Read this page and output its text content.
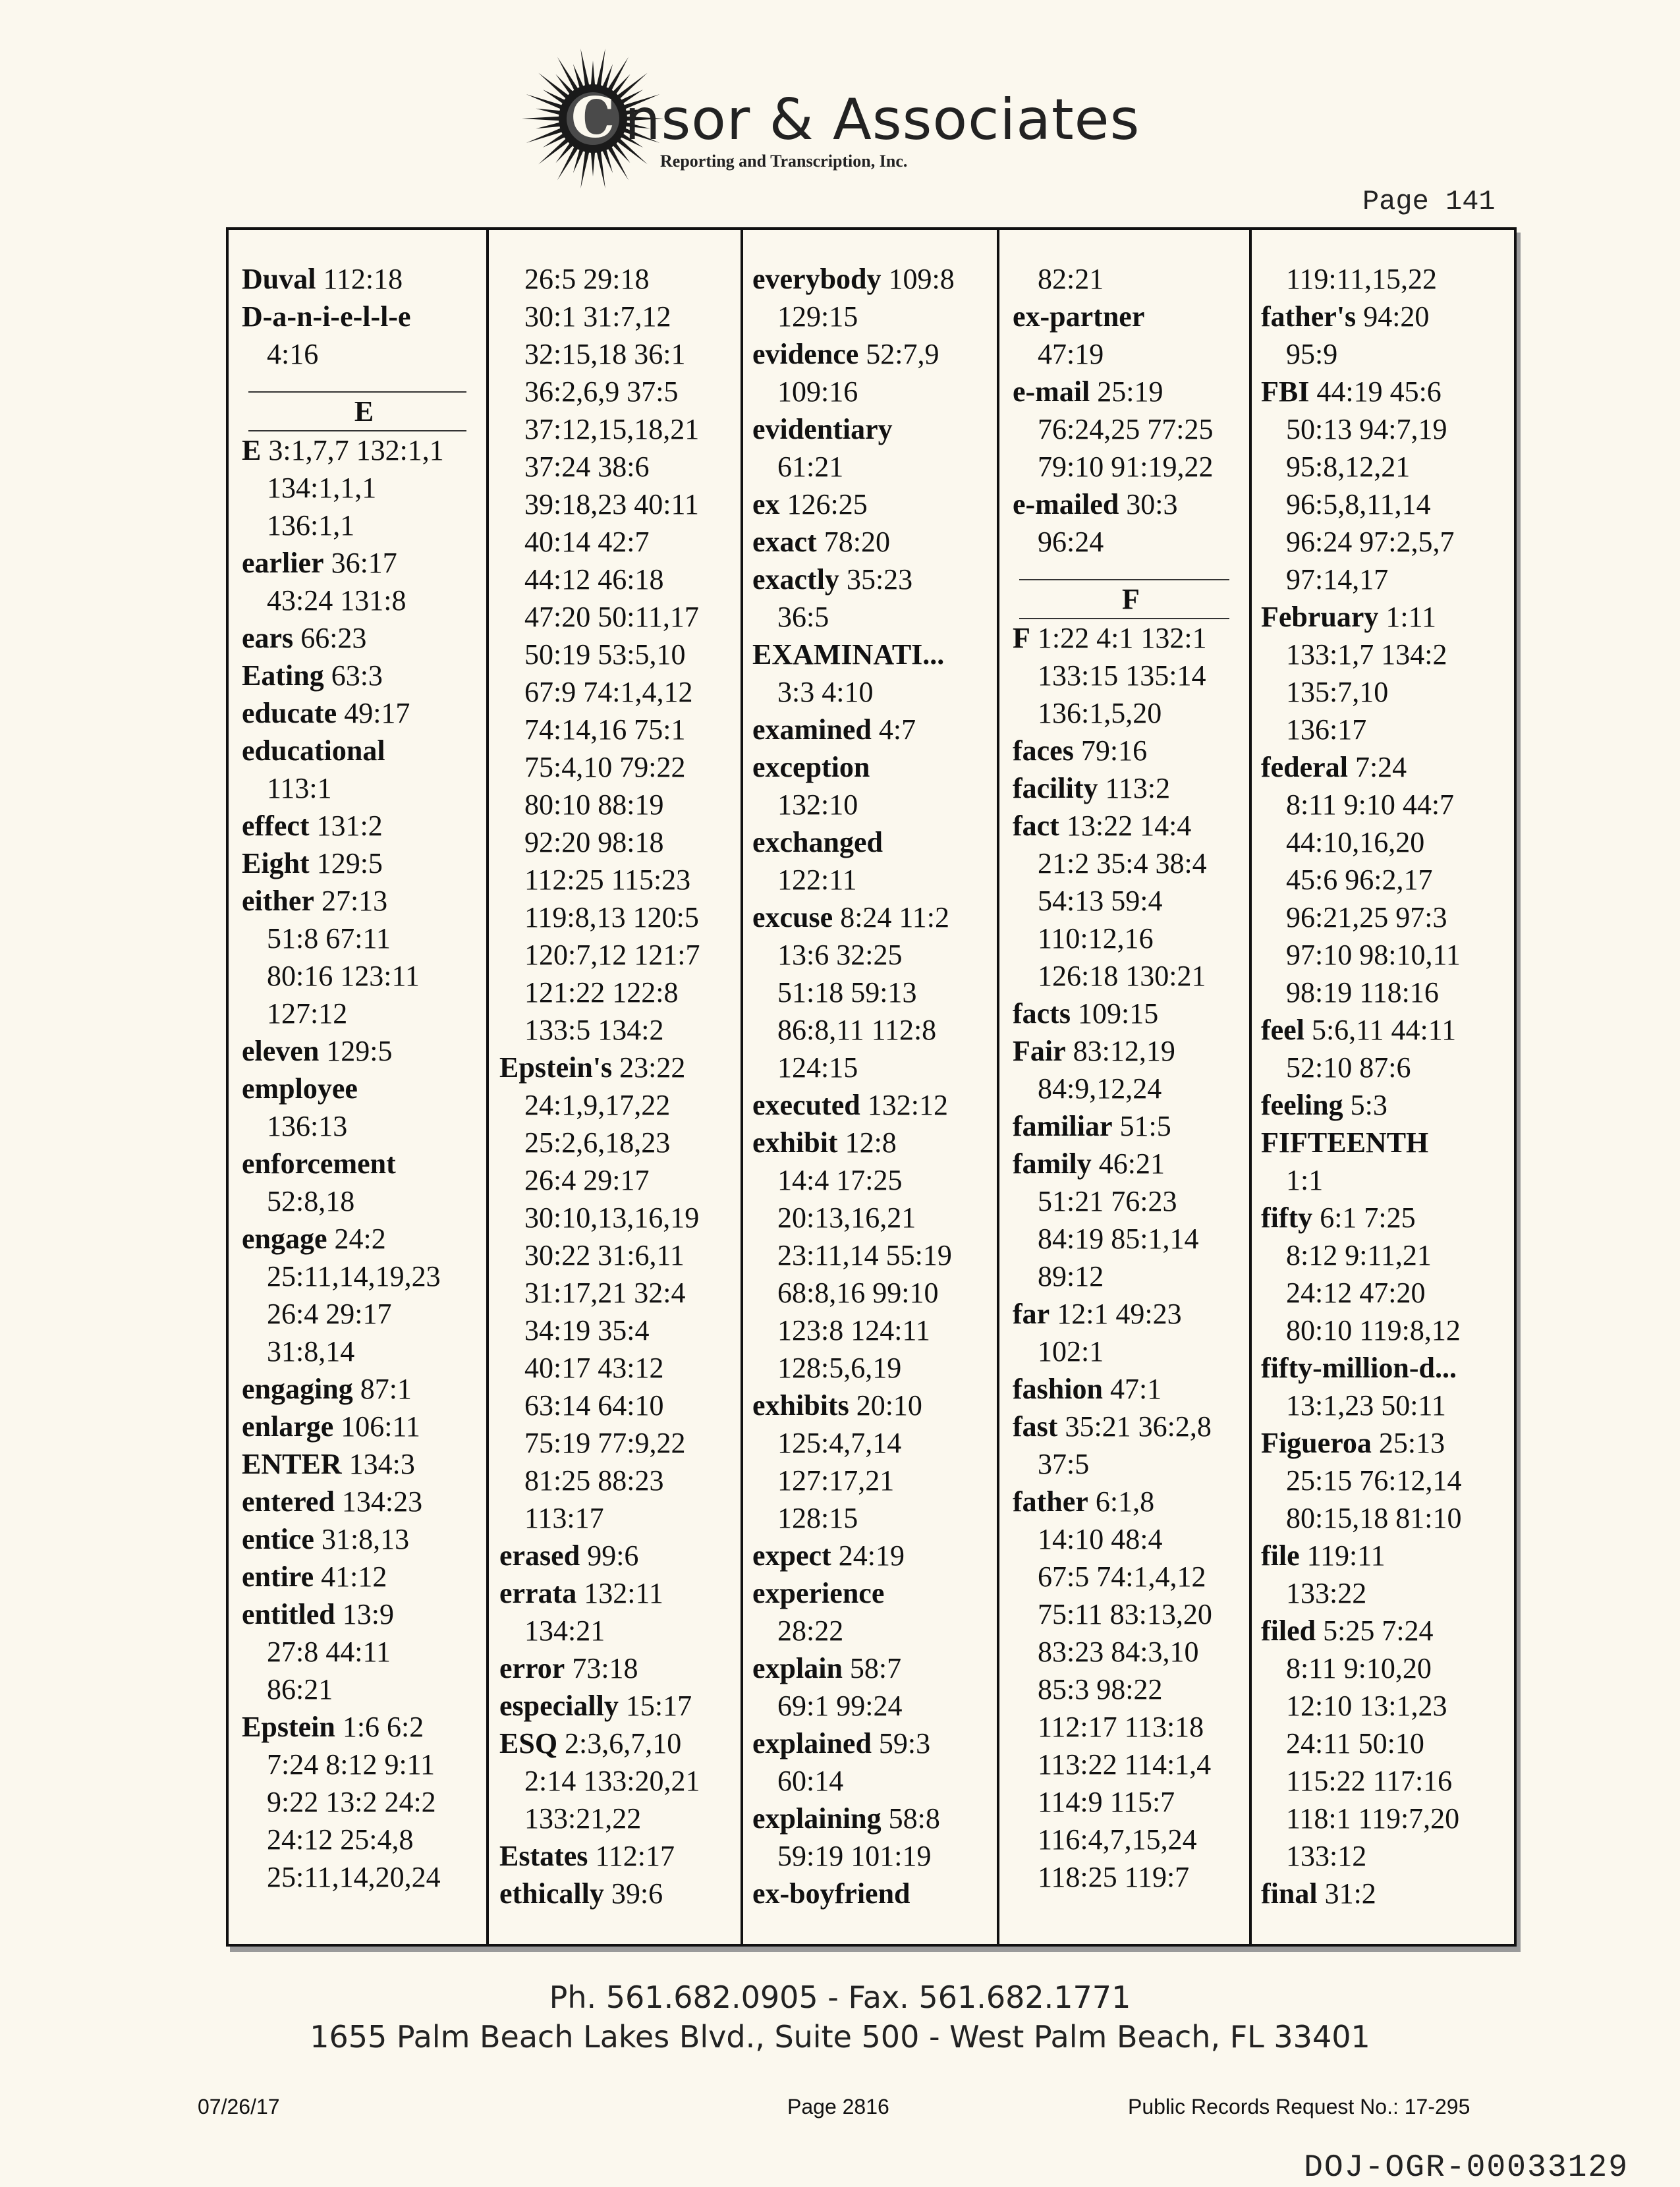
C nsor & Associates
Reporting and Transcription, Inc.
Page 141
Duval 112:18
D-a-n-i-e-l-l-e
4:16
E
E 3:1,7,7 132:1,1
134:1,1,1
136:1,1
earlier 36:17
43:24 131:8
ears 66:23
Eating 63:3
educate 49:17
educational
113:1
effect 131:2
Eight 129:5
either 27:13
51:8 67:11
80:16 123:11
127:12
eleven 129:5
employee
136:13
enforcement
52:8,18
engage 24:2
25:11,14,19,23
26:4 29:17
31:8,14
engaging 87:1
enlarge 106:11
ENTER 134:3
entered 134:23
entice 31:8,13
entire 41:12
entitled 13:9
27:8 44:11
86:21
Epstein 1:6 6:2
7:24 8:12 9:11
9:22 13:2 24:2
24:12 25:4,8
25:11,14,20,24
26:5 29:18
30:1 31:7,12
32:15,18 36:1
36:2,6,9 37:5
37:12,15,18,21
37:24 38:6
39:18,23 40:11
40:14 42:7
44:12 46:18
47:20 50:11,17
50:19 53:5,10
67:9 74:1,4,12
74:14,16 75:1
75:4,10 79:22
80:10 88:19
92:20 98:18
112:25 115:23
119:8,13 120:5
120:7,12 121:7
121:22 122:8
133:5 134:2
Epstein's 23:22
24:1,9,17,22
25:2,6,18,23
26:4 29:17
30:10,13,16,19
30:22 31:6,11
31:17,21 32:4
34:19 35:4
40:17 43:12
63:14 64:10
75:19 77:9,22
81:25 88:23
113:17
erased 99:6
errata 132:11
134:21
error 73:18
especially 15:17
ESQ 2:3,6,7,10
2:14 133:20,21
133:21,22
Estates 112:17
ethically 39:6
everybody 109:8
129:15
evidence 52:7,9
109:16
evidentiary
61:21
ex 126:25
exact 78:20
exactly 35:23
36:5
EXAMINATI...
3:3 4:10
examined 4:7
exception
132:10
exchanged
122:11
excuse 8:24 11:2
13:6 32:25
51:18 59:13
86:8,11 112:8
124:15
executed 132:12
exhibit 12:8
14:4 17:25
20:13,16,21
23:11,14 55:19
68:8,16 99:10
123:8 124:11
128:5,6,19
exhibits 20:10
125:4,7,14
127:17,21
128:15
expect 24:19
experience
28:22
explain 58:7
69:1 99:24
explained 59:3
60:14
explaining 58:8
59:19 101:19
ex-boyfriend
82:21
ex-partner
47:19
e-mail 25:19
76:24,25 77:25
79:10 91:19,22
e-mailed 30:3
96:24
F
F 1:22 4:1 132:1
133:15 135:14
136:1,5,20
faces 79:16
facility 113:2
fact 13:22 14:4
21:2 35:4 38:4
54:13 59:4
110:12,16
126:18 130:21
facts 109:15
Fair 83:12,19
84:9,12,24
familiar 51:5
family 46:21
51:21 76:23
84:19 85:1,14
89:12
far 12:1 49:23
102:1
fashion 47:1
fast 35:21 36:2,8
37:5
father 6:1,8
14:10 48:4
67:5 74:1,4,12
75:11 83:13,20
83:23 84:3,10
85:3 98:22
112:17 113:18
113:22 114:1,4
114:9 115:7
116:4,7,15,24
118:25 119:7
119:11,15,22
father's 94:20
95:9
FBI 44:19 45:6
50:13 94:7,19
95:8,12,21
96:5,8,11,14
96:24 97:2,5,7
97:14,17
February 1:11
133:1,7 134:2
135:7,10
136:17
federal 7:24
8:11 9:10 44:7
44:10,16,20
45:6 96:2,17
96:21,25 97:3
97:10 98:10,11
98:19 118:16
feel 5:6,11 44:11
52:10 87:6
feeling 5:3
FIFTEENTH
1:1
fifty 6:1 7:25
8:12 9:11,21
24:12 47:20
80:10 119:8,12
fifty-million-d...
13:1,23 50:11
Figueroa 25:13
25:15 76:12,14
80:15,18 81:10
file 119:11
133:22
filed 5:25 7:24
8:11 9:10,20
12:10 13:1,23
24:11 50:10
115:22 117:16
118:1 119:7,20
133:12
final 31:2
Ph. 561.682.0905 - Fax. 561.682.1771
1655 Palm Beach Lakes Blvd., Suite 500 - West Palm Beach, FL 33401
07/26/17	Page 2816	Public Records Request No.: 17-295
DOJ-OGR-00033129
